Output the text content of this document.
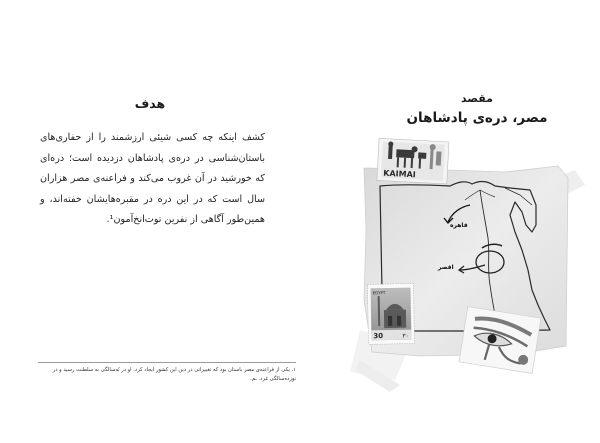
هدف

کشف اینکه چه کسی شیئی ارزشمند را از حفاری‌های باستان‌شناسی در دره‌ی پادشاهان دزدیده است؛ دره‌ای که خورشید در آن غروب می‌کند و فراعنه‌ی مصر هزاران سال است که در این دره در مقبره‌هایشان خفته‌اند، و همین‌طور آگاهی از نفرین توت‌انخ‌آمون¹.

۱. یکی از فراعنه‌ی مصر باستان بود که تغییراتی در دین این کشور ایجاد کرد. او در نُه‌سالگی به سلطنت رسید و در نوزده‌سالگی مُرد. ـم.

مقصد
مصر، دره‌ی پادشاهان
KAIMAI
EGYPT
30	٣٠
قاهره
اقصر
